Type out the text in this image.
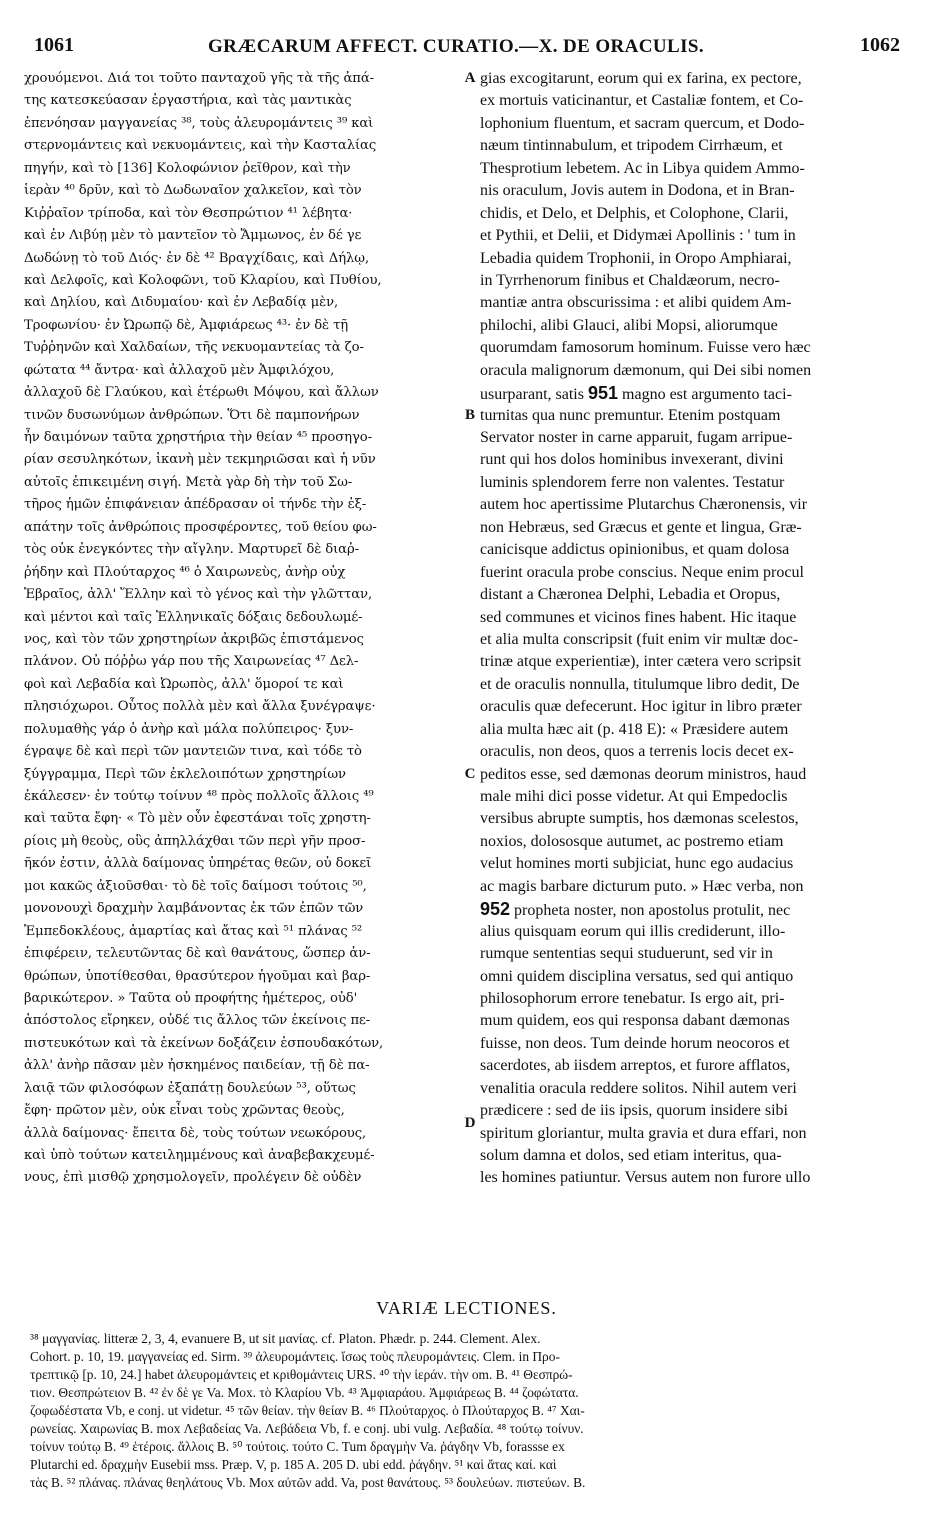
1061	GRÆCARUM AFFECT. CURATIO.—X. DE ORACULIS.	1062
χρουόμενοι. Διά τοι τοῦτο πανταχοῦ γῆς τὰ τῆς ἀπά-
της κατεσκεύασαν ἐργαστήρια, καὶ τὰς μαντικὰς
ἐπενόησαν μαγγανείας ³⁸, τοὺς ἀλευρομάντεις ³⁹ καὶ
στερνομάντεις καὶ νεκυομάντεις, καὶ τὴν Κασταλίας
πηγήν, καὶ τὸ [136] Κολοφώνιον ῥεῖθρον, καὶ τὴν
ἱερὰν ⁴⁰ δρῦν, καὶ τὸ Δωδωναῖον χαλκεῖον, καὶ τὸν
Κιῤῥαῖον τρίποδα, καὶ τὸν Θεσπρώτιον ⁴¹ λέβητα·
καὶ ἐν Λιβύῃ μὲν τὸ μαντεῖον τὸ Ἄμμωνος, ἐν δέ γε
Δωδώνῃ τὸ τοῦ Διός· ἐν δὲ ⁴² Βραγχίδαις, καὶ Δήλῳ,
καὶ Δελφοῖς, καὶ Κολοφῶνι, τοῦ Κλαρίου, καὶ Πυθίου,
καὶ Δηλίου, καὶ Διδυμαίου· καὶ ἐν Λεβαδίᾳ μὲν,
Τροφωνίου· ἐν Ὠρωπῷ δὲ, Ἀμφιάρεως ⁴³· ἐν δὲ τῇ
Τυῤῥηνῶν καὶ Χαλδαίων, τῆς νεκυομαντείας τὰ ζο-
φώτατα ⁴⁴ ἄντρα· καὶ ἀλλαχοῦ μὲν Ἀμφιλόχου,
ἀλλαχοῦ δὲ Γλαύκου, καὶ ἑτέρωθι Μόψου, καὶ ἄλλων
τινῶν δυσωνύμων ἀνθρώπων. Ὅτι δὲ παμπονήρων
ἦν δαιμόνων ταῦτα χρηστήρια τὴν θείαν ⁴⁵ προσηγο-
ρίαν σεσυληκότων, ἱκανὴ μὲν τεκμηριῶσαι καὶ ἡ νῦν
αὐτοῖς ἐπικειμένη σιγή. Μετὰ γὰρ δὴ τὴν τοῦ Σω-
τῆρος ἡμῶν ἐπιφάνειαν ἀπέδρασαν οἱ τήνδε τὴν ἐξ-
απάτην τοῖς ἀνθρώποις προσφέροντες, τοῦ θείου φω-
τὸς οὐκ ἐνεγκόντες τὴν αἴγλην. Μαρτυρεῖ δὲ διαῤ-
ῥήδην καὶ Πλούταρχος ⁴⁶ ὁ Χαιρωνεὺς, ἀνὴρ οὐχ
Ἑβραῖος, ἀλλ' Ἕλλην καὶ τὸ γένος καὶ τὴν γλῶτταν,
καὶ μέντοι καὶ ταῖς Ἑλληνικαῖς δόξαις δεδουλωμέ-
νος, καὶ τὸν τῶν χρηστηρίων ἀκριβῶς ἐπιστάμενος
πλάνον. Οὐ πόῤῥω γάρ που τῆς Χαιρωνείας ⁴⁷ Δελ-
φοὶ καὶ Λεβαδία καὶ Ὠρωπὸς, ἀλλ' ὅμοροί τε καὶ
πλησιόχωροι. Οὗτος πολλὰ μὲν καὶ ἄλλα ξυνέγραψε·
πολυμαθὴς γάρ ὁ ἀνὴρ καὶ μάλα πολύπειρος· ξυν-
έγραψε δὲ καὶ περὶ τῶν μαντειῶν τινα, καὶ τόδε τὸ
ξύγγραμμα, Περὶ τῶν ἐκλελοιπότων χρηστηρίων
ἐκάλεσεν· ἐν τούτῳ τοίνυν ⁴⁸ πρὸς πολλοῖς ἄλλοις ⁴⁹
καὶ ταῦτα ἔφη· « Τὸ μὲν οὖν ἐφεστάναι τοῖς χρηστη-
ρίοις μὴ θεοὺς, οὓς ἀπηλλάχθαι τῶν περὶ γῆν προσ-
ῆκόν ἐστιν, ἀλλὰ δαίμονας ὑπηρέτας θεῶν, οὐ δοκεῖ
μοι κακῶς ἀξιοῦσθαι· τὸ δὲ τοῖς δαίμοσι τούτοις ⁵⁰,
μονονουχὶ δραχμὴν λαμβάνοντας ἐκ τῶν ἐπῶν τῶν
Ἐμπεδοκλέους, ἁμαρτίας καὶ ἄτας καὶ ⁵¹ πλάνας ⁵²
ἐπιφέρειν, τελευτῶντας δὲ καὶ θανάτους, ὥσπερ ἀν-
θρώπων, ὑποτίθεσθαι, θρασύτερον ἡγοῦμαι καὶ βαρ-
βαρικώτερον. » Ταῦτα οὐ προφήτης ἡμέτερος, οὐδ'
ἀπόστολος εἴρηκεν, οὐδέ τις ἄλλος τῶν ἐκείνοις πε-
πιστευκότων καὶ τὰ ἐκείνων δοξάζειν ἐσπουδακότων,
ἀλλ' ἀνὴρ πᾶσαν μὲν ἠσκημένος παιδείαν, τῇ δὲ πα-
λαιᾷ τῶν φιλοσόφων ἐξαπάτῃ δουλεύων ⁵³, οὕτως
ἔφη· πρῶτον μὲν, οὐκ εἶναι τοὺς χρῶντας θεοὺς,
ἀλλὰ δαίμονας· ἔπειτα δὲ, τοὺς τούτων νεωκόρους,
καὶ ὑπὸ τούτων κατειλημμένους καὶ ἀναβεβακχευμέ-
νους, ἐπὶ μισθῷ χρησμολογεῖν, προλέγειν δὲ οὐδὲν
gias excogitarunt, eorum qui ex farina, ex pectore,
ex mortuis vaticinantur, et Castaliæ fontem, et Co-
lophonium fluentum, et sacram quercum, et Dodo-
næum tintinnabulum, et tripodem Cirrhæum, et
Thesprotium lebetem. Ac in Libya quidem Ammo-
nis oraculum, Jovis autem in Dodona, et in Bran-
chidis, et Delo, et Delphis, et Colophone, Clarii,
et Pythii, et Delii, et Didymæi Apollinis : ' tum in
Lebadia quidem Trophonii, in Oropo Amphiarai,
in Tyrrhenorum finibus et Chaldæorum, necro-
mantiæ antra obscurissima : et alibi quidem Am-
philochi, alibi Glauci, alibi Mopsi, aliorumque
quorumdam famosorum hominum. Fuisse vero hæc
oracula malignorum dæmonum, qui Dei sibi nomen
usurparant, satis 951 magno est argumento taci-
turnitas qua nunc premuntur. Etenim postquam
Servator noster in carne apparuit, fugam arripue-
runt qui hos dolos hominibus invexerant, divini
luminis splendorem ferre non valentes. Testatur
autem hoc apertissime Plutarchus Chæronensis, vir
non Hebræus, sed Græcus et gente et lingua, Græ-
canicisque addictus opinionibus, et quam dolosa
fuerint oracula probe conscius. Neque enim procul
distant a Chæronea Delphi, Lebadia et Oropus,
sed communes et vicinos fines habent. Hic itaque
et alia multa conscripsit (fuit enim vir multæ doc-
trinæ atque experientiæ), inter cætera vero scripsit
et de oraculis nonnulla, titulumque libro dedit, De
oraculis quæ defecerunt. Hoc igitur in libro præter
alia multa hæc ait (p. 418 E): « Præsidere autem
oraculis, non deos, quos a terrenis locis decet ex-
peditos esse, sed dæmonas deorum ministros, haud
male mihi dici posse videtur. At qui Empedoclis
versibus abrupte sumptis, hos dæmonas scelestos,
noxios, dolososque autumet, ac postremo etiam
velut homines morti subjiciat, hunc ego audacius
ac magis barbare dicturum puto. » Hæc verba, non
952 propheta noster, non apostolus protulit, nec
alius quisquam eorum qui illis crediderunt, illo-
rumque sententias sequi studuerunt, sed vir in
omni quidem disciplina versatus, sed qui antiquo
philosophorum errore tenebatur. Is ergo ait, pri-
mum quidem, eos qui responsa dabant dæmonas
fuisse, non deos. Tum deinde horum neocoros et
sacerdotes, ab iisdem arreptos, et furore afflatos,
venalitia oracula reddere solitos. Nihil autem veri
prædicere : sed de iis ipsis, quorum insidere sibi
spiritum gloriantur, multa gravia et dura effari, non
solum damna et dolos, sed etiam interitus, qua-
les homines patiuntur. Versus autem non furore ullo
A
B
C
D
VARIÆ LECTIONES.
³⁸ μαγγανίας. litteræ 2, 3, 4, evanuere B, ut sit μανίας. cf. Platon. Phædr. p. 244. Clement. Alex.
Cohort. p. 10, 19. μαγγανείας ed. Sirm. ³⁹ ἀλευρομάντεις. ἴσως τοὺς πλευρομάντεις. Clem. in Προ-
τρεπτικῷ [p. 10, 24.] habet ἀλευρομάντεις et κριθομάντεις URS. ⁴⁰ τὴν ἱεράν. τὴν om. B. ⁴¹ Θεσπρώ-
τιον. Θεσπρώτειον B. ⁴² ἐν δὲ γε Va. Mox. τὸ Κλαρίου Vb. ⁴³ Ἀμφιαράου. Ἀμφιάρεως B. ⁴⁴ ζοφώτατα.
ζοφωδέστατα Vb, e conj. ut videtur. ⁴⁵ τῶν θείαν. τὴν θείαν B. ⁴⁶ Πλούταρχος. ὁ Πλούταρχος B. ⁴⁷ Χαι-
ρωνείας. Χαιρωνίας B. mox Λεβαδείας Va. Λεβάδεια Vb, f. e conj. ubi vulg. Λεβαδία. ⁴⁸ τούτῳ τοίνυν.
τοίνυν τούτῳ B. ⁴⁹ ἑτέροις. ἄλλοις B. ⁵⁰ τούτοις. τούτο C. Tum δραγμὴν Va. ῥάγδην Vb, forassse ex
Plutarchi ed. δραχμὴν Eusebii mss. Præp. V, p. 185 A. 205 D. ubi edd. ῥάγδην. ⁵¹ καὶ ἄτας καί. καὶ
τὰς B. ⁵² πλάνας. πλάνας θεηλάτους Vb. Mox αὐτῶν add. Va, post θανάτους. ⁵³ δουλεύων. πιστεύων. B.
